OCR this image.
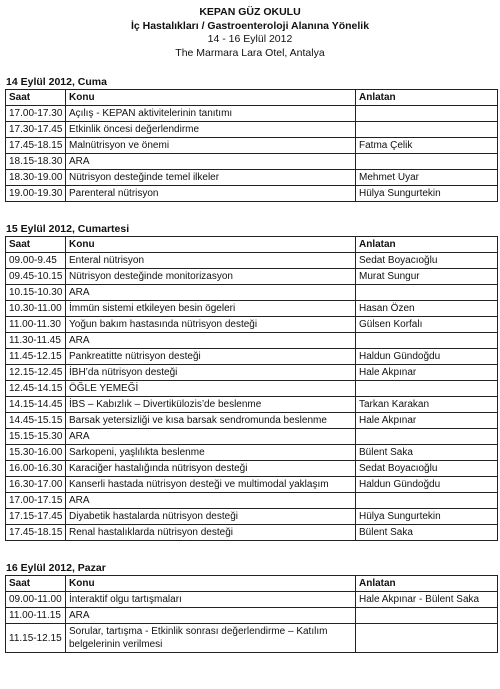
KEPAN GÜZ OKULU
İç Hastalıkları / Gastroenteroloji Alanına Yönelik
14 - 16 Eylül 2012
The Marmara Lara Otel, Antalya
14 Eylül 2012, Cuma
Saat	Konu	Anlatan
17.00-17.30	Açılış - KEPAN aktivitelerinin tanıtımı	
17.30-17.45	Etkinlik öncesi değerlendirme	
17.45-18.15	Malnütrisyon ve önemi	Fatma Çelik
18.15-18.30	ARA	
18.30-19.00	Nütrisyon desteğinde temel ilkeler	Mehmet Uyar
19.00-19.30	Parenteral nütrisyon	Hülya Sungurtekin
15 Eylül 2012, Cumartesi
Saat	Konu	Anlatan
09.00-9.45	Enteral nütrisyon	Sedat Boyacıoğlu
09.45-10.15	Nütrisyon desteğinde monitorizasyon	Murat Sungur
10.15-10.30	ARA	
10.30-11.00	İmmün sistemi etkileyen besin ögeleri	Hasan Özen
11.00-11.30	Yoğun bakım hastasında nütrisyon desteği	Gülsen Korfalı
11.30-11.45	ARA	
11.45-12.15	Pankreatitte nütrisyon desteği	Haldun Gündoğdu
12.15-12.45	İBH’da nütrisyon desteği	Hale Akpınar
12.45-14.15	ÖĞLE YEMEĞİ	
14.15-14.45	İBS – Kabızlık – Divertikülozis’de beslenme	Tarkan Karakan
14.45-15.15	Barsak yetersizliği ve kısa barsak sendromunda beslenme	Hale Akpınar
15.15-15.30	ARA	
15.30-16.00	Sarkopeni, yaşlılıkta beslenme	Bülent Saka
16.00-16.30	Karaciğer hastalığında nütrisyon desteği	Sedat Boyacıoğlu
16.30-17.00	Kanserli hastada nütrisyon desteği ve multimodal yaklaşım	Haldun Gündoğdu
17.00-17.15	ARA	
17.15-17.45	Diyabetik hastalarda nütrisyon desteği	Hülya Sungurtekin
17.45-18.15	Renal hastalıklarda nütrisyon desteği	Bülent Saka
16 Eylül 2012, Pazar
Saat	Konu	Anlatan
09.00-11.00	İnteraktif olgu tartışmaları	Hale Akpınar - Bülent Saka
11.00-11.15	ARA	
11.15-12.15	Sorular, tartışma - Etkinlik sonrası değerlendirme – Katılım belgelerinin verilmesi	
